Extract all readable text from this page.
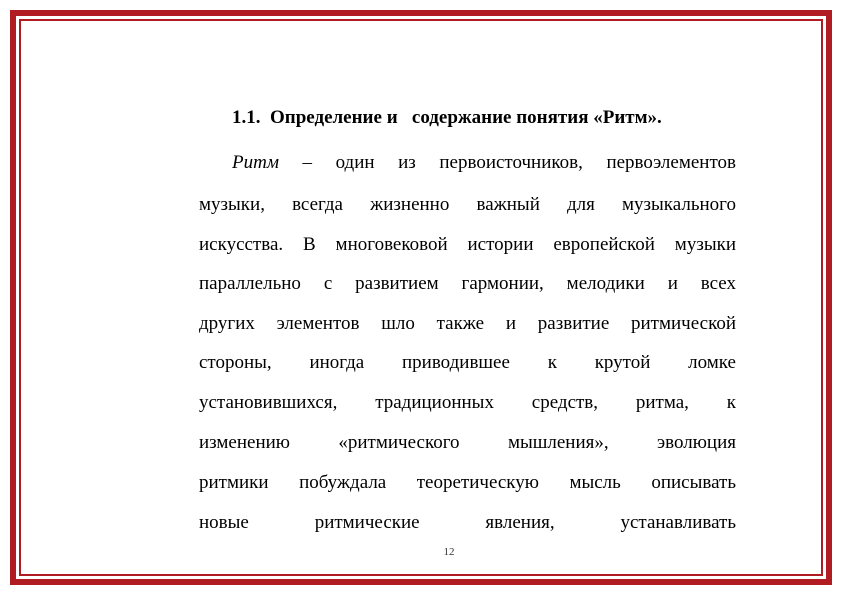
1.1.  Определение и   содержание понятия «Ритм».
Ритм – один из первоисточников, первоэлементов
музыки, всегда жизненно важный для музыкального
искусства. В многовековой истории европейской музыки
параллельно с развитием гармонии, мелодики и всех
других элементов шло также и развитие ритмической
стороны, иногда приводившее к крутой ломке
установившихся, традиционных средств, ритма, к
изменению «ритмического мышления», эволюция
ритмики побуждала теоретическую мысль описывать
новые ритмические явления, устанавливать
12
